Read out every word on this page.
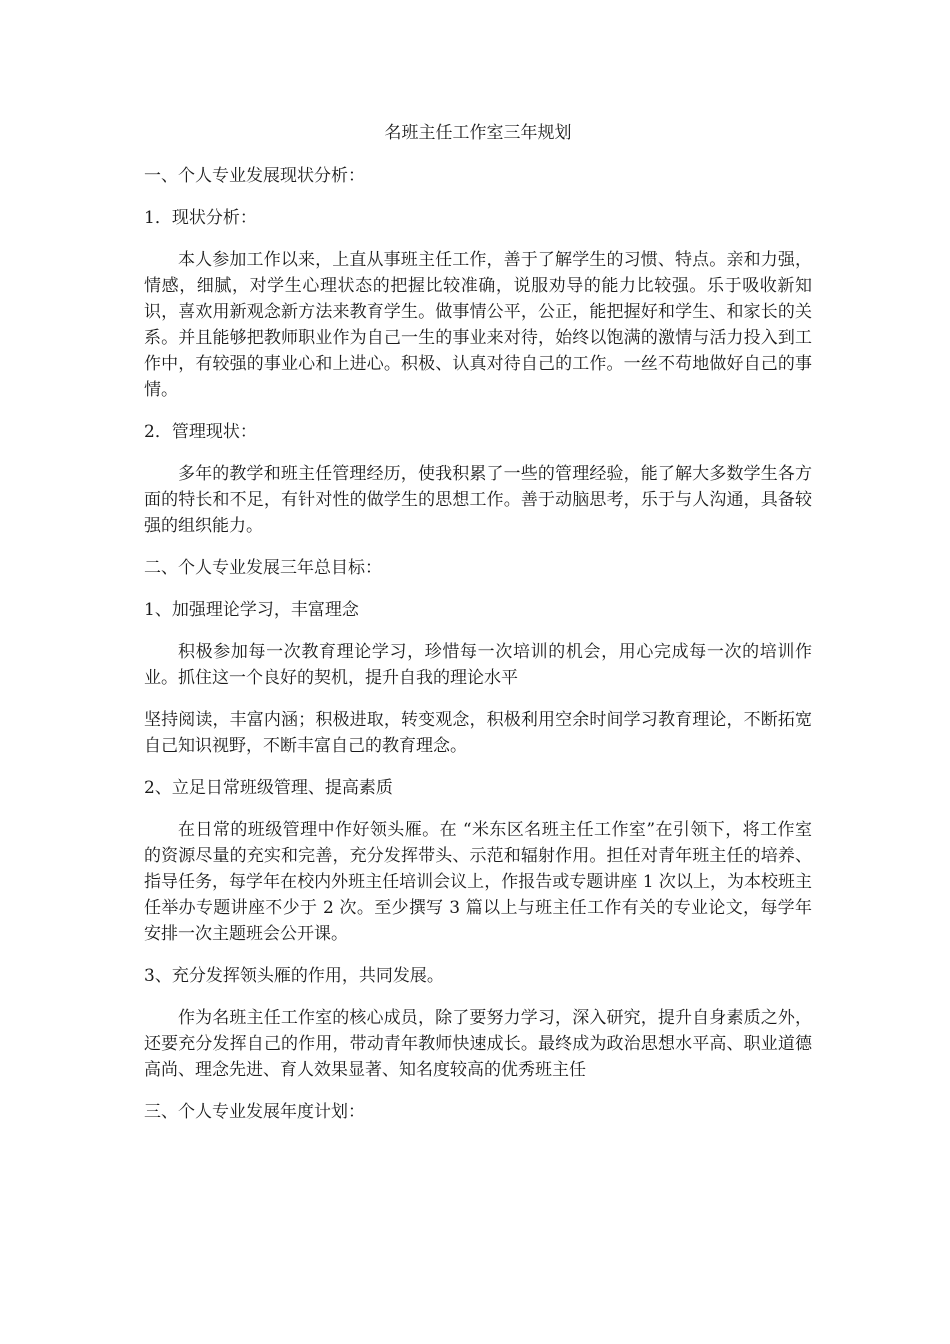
名班主任工作室三年规划
一、个人专业发展现状分析：
1．现状分析：
本人参加工作以来，上直从事班主任工作，善于了解学生的习惯、特点。亲和力强，情感，细腻，对学生心理状态的把握比较准确，说服劝导的能力比较强。乐于吸收新知识，喜欢用新观念新方法来教育学生。做事情公平，公正，能把握好和学生、和家长的关系。并且能够把教师职业作为自己一生的事业来对待，始终以饱满的激情与活力投入到工作中，有较强的事业心和上进心。积极、认真对待自己的工作。一丝不苟地做好自己的事情。
2．管理现状：
多年的教学和班主任管理经历，使我积累了一些的管理经验，能了解大多数学生各方面的特长和不足，有针对性的做学生的思想工作。善于动脑思考，乐于与人沟通，具备较强的组织能力。
二、个人专业发展三年总目标：
1、加强理论学习，丰富理念
积极参加每一次教育理论学习，珍惜每一次培训的机会，用心完成每一次的培训作业。抓住这一个良好的契机，提升自我的理论水平
坚持阅读，丰富内涵；积极进取，转变观念，积极利用空余时间学习教育理论，不断拓宽自己知识视野，不断丰富自己的教育理念。
2、立足日常班级管理、提高素质
在日常的班级管理中作好领头雁。在 “米东区名班主任工作室”在引领下，将工作室的资源尽量的充实和完善，充分发挥带头、示范和辐射作用。担任对青年班主任的培养、指导任务，每学年在校内外班主任培训会议上，作报告或专题讲座 1 次以上，为本校班主任举办专题讲座不少于 2 次。至少撰写 3 篇以上与班主任工作有关的专业论文，每学年安排一次主题班会公开课。
3、充分发挥领头雁的作用，共同发展。
作为名班主任工作室的核心成员，除了要努力学习，深入研究，提升自身素质之外，还要充分发挥自己的作用，带动青年教师快速成长。最终成为政治思想水平高、职业道德高尚、理念先进、育人效果显著、知名度较高的优秀班主任
三、个人专业发展年度计划：
